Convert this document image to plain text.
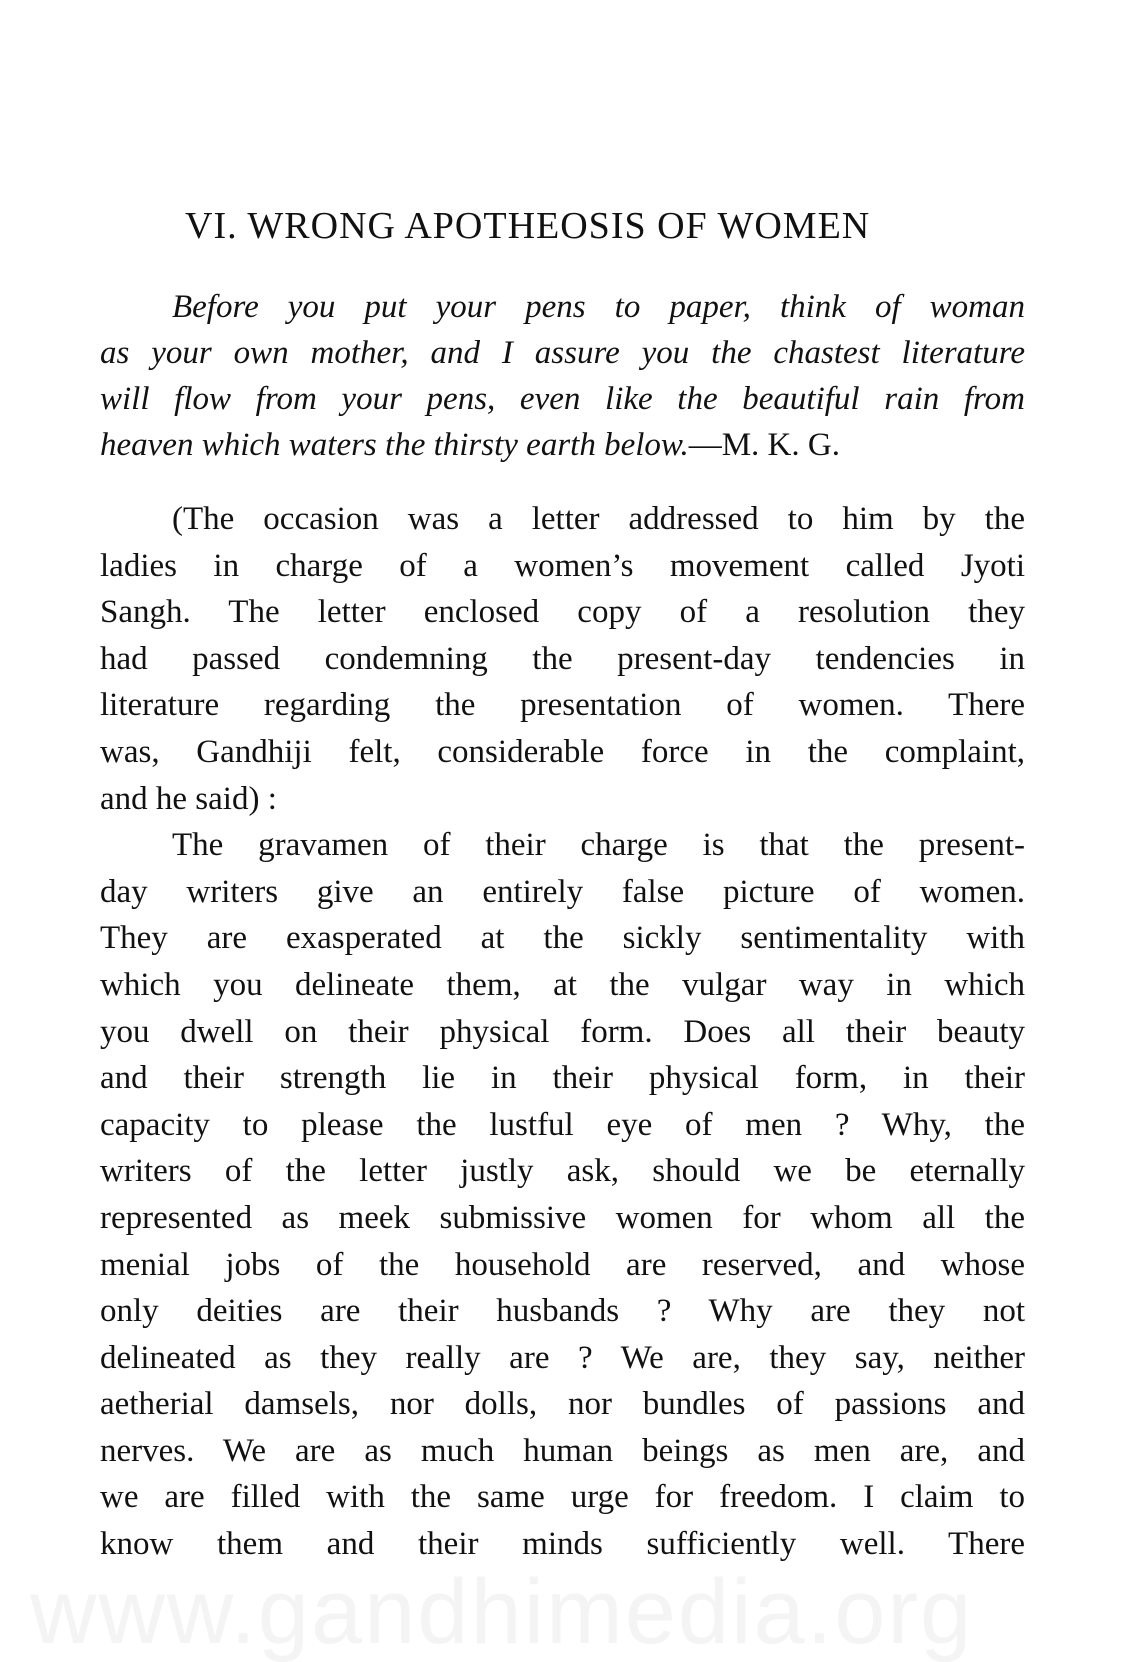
VI. WRONG APOTHEOSIS OF WOMEN
Before you put your pens to paper, think of woman
as your own mother, and I assure you the chastest literature
will flow from your pens, even like the beautiful rain from
heaven which waters the thirsty earth below.—M. K. G.
(The occasion was a letter addressed to him by the
ladies in charge of a women’s movement called Jyoti
Sangh. The letter enclosed copy of a resolution they
had passed condemning the present-day tendencies in
literature regarding the presentation of women. There
was, Gandhiji felt, considerable force in the complaint,
and he said) :
The gravamen of their charge is that the present-
day writers give an entirely false picture of women.
They are exasperated at the sickly sentimentality with
which you delineate them, at the vulgar way in which
you dwell on their physical form. Does all their beauty
and their strength lie in their physical form, in their
capacity to please the lustful eye of men ? Why, the
writers of the letter justly ask, should we be eternally
represented as meek submissive women for whom all the
menial jobs of the household are reserved, and whose
only deities are their husbands ? Why are they not
delineated as they really are ? We are, they say, neither
aetherial damsels, nor dolls, nor bundles of passions and
nerves. We are as much human beings as men are, and
we are filled with the same urge for freedom. I claim to
know them and their minds sufficiently well. There
www.gandhimedia.org
